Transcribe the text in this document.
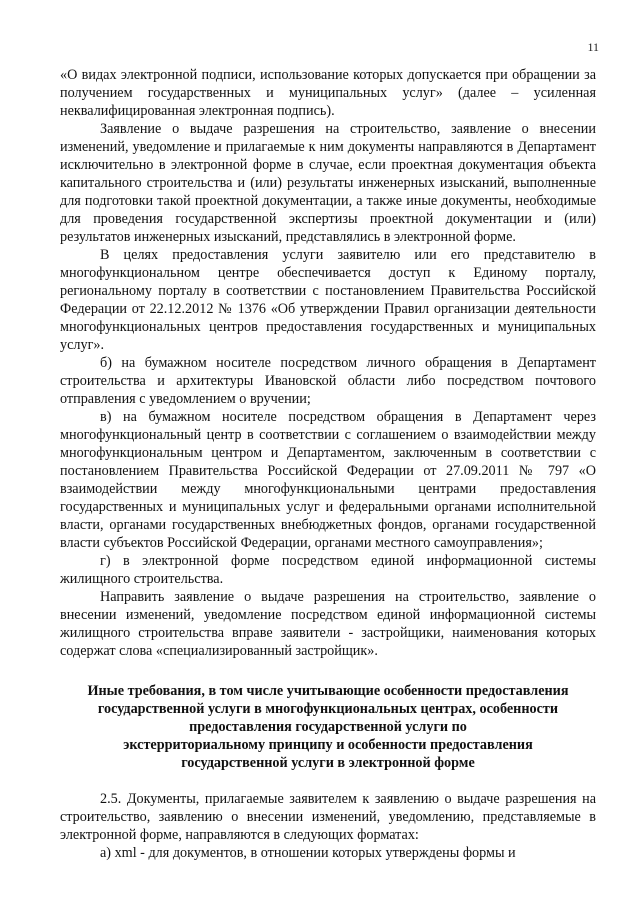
11

«О видах электронной подписи, использование которых допускается при обращении за получением государственных и муниципальных услуг» (далее – усиленная неквалифицированная электронная подпись).

Заявление о выдаче разрешения на строительство, заявление о внесении изменений, уведомление и прилагаемые к ним документы направляются в Департамент исключительно в электронной форме в случае, если проектная документация объекта капитального строительства и (или) результаты инженерных изысканий, выполненные для подготовки такой проектной документации, а также иные документы, необходимые для проведения государственной экспертизы проектной документации и (или) результатов инженерных изысканий, представлялись в электронной форме.

В целях предоставления услуги заявителю или его представителю в многофункциональном центре обеспечивается доступ к Единому порталу, региональному порталу в соответствии с постановлением Правительства Российской Федерации от 22.12.2012 № 1376 «Об утверждении Правил организации деятельности многофункциональных центров предоставления государственных и муниципальных услуг».

б) на бумажном носителе посредством личного обращения в Департамент строительства и архитектуры Ивановской области либо посредством почтового отправления с уведомлением о вручении;

в) на бумажном носителе посредством обращения в Департамент через многофункциональный центр в соответствии с соглашением о взаимодействии между многофункциональным центром и Департаментом, заключенным в соответствии с постановлением Правительства Российской Федерации от 27.09.2011 № 797 «О взаимодействии между многофункциональными центрами предоставления государственных и муниципальных услуг и федеральными органами исполнительной власти, органами государственных внебюджетных фондов, органами государственной власти субъектов Российской Федерации, органами местного самоуправления»;

г) в электронной форме посредством единой информационной системы жилищного строительства.

Направить заявление о выдаче разрешения на строительство, заявление о внесении изменений, уведомление посредством единой информационной системы жилищного строительства вправе заявители - застройщики, наименования которых содержат слова «специализированный застройщик».

Иные требования, в том числе учитывающие особенности предоставления
государственной услуги в многофункциональных центрах, особенности
предоставления государственной услуги по
экстерриториальному принципу и особенности предоставления
государственной услуги в электронной форме

2.5. Документы, прилагаемые заявителем к заявлению о выдаче разрешения на строительство, заявлению о внесении изменений, уведомлению, представляемые в электронной форме, направляются в следующих форматах:

а) xml - для документов, в отношении которых утверждены формы и
